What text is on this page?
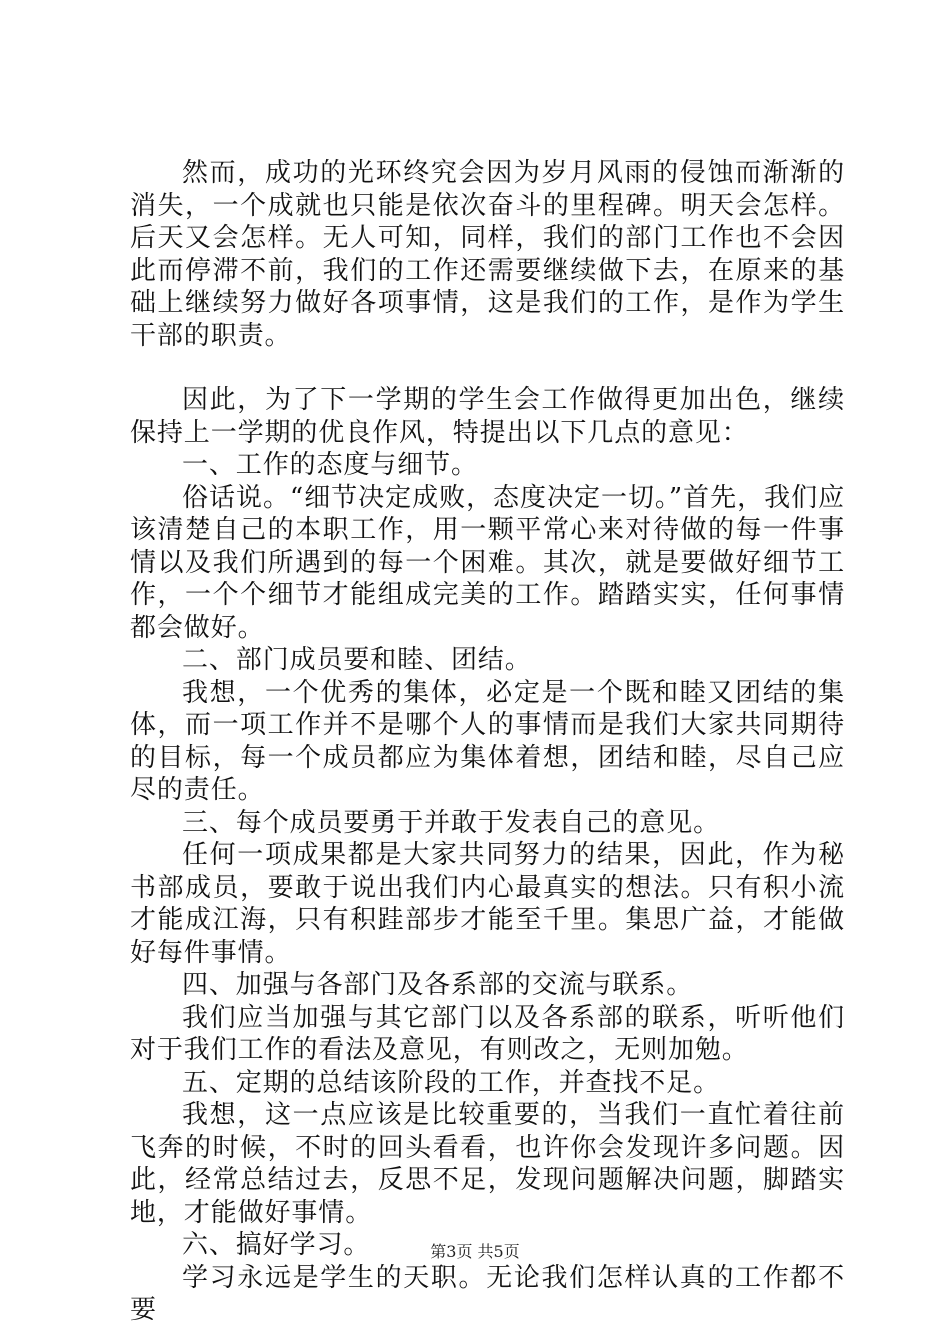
然而，成功的光环终究会因为岁月风雨的侵蚀而渐渐的消失，一个成就也只能是依次奋斗的里程碑。明天会怎样。后天又会怎样。无人可知，同样，我们的部门工作也不会因此而停滞不前，我们的工作还需要继续做下去，在原来的基础上继续努力做好各项事情，这是我们的工作，是作为学生干部的职责。

因此，为了下一学期的学生会工作做得更加出色，继续保持上一学期的优良作风，特提出以下几点的意见：

一、工作的态度与细节。

俗话说。“细节决定成败，态度决定一切。”首先，我们应该清楚自己的本职工作，用一颗平常心来对待做的每一件事情以及我们所遇到的每一个困难。其次，就是要做好细节工作，一个个细节才能组成完美的工作。踏踏实实，任何事情都会做好。

二、部门成员要和睦、团结。

我想，一个优秀的集体，必定是一个既和睦又团结的集体，而一项工作并不是哪个人的事情而是我们大家共同期待的目标，每一个成员都应为集体着想，团结和睦，尽自己应尽的责任。

三、每个成员要勇于并敢于发表自己的意见。

任何一项成果都是大家共同努力的结果，因此，作为秘书部成员，要敢于说出我们内心最真实的想法。只有积小流才能成江海，只有积跬部步才能至千里。集思广益，才能做好每件事情。

四、加强与各部门及各系部的交流与联系。

我们应当加强与其它部门以及各系部的联系，听听他们对于我们工作的看法及意见，有则改之，无则加勉。

五、定期的总结该阶段的工作，并查找不足。

我想，这一点应该是比较重要的，当我们一直忙着往前飞奔的时候，不时的回头看看，也许你会发现许多问题。因此，经常总结过去，反思不足，发现问题解决问题，脚踏实地，才能做好事情。

六、搞好学习。

学习永远是学生的天职。无论我们怎样认真的工作都不要

第3页 共5页
